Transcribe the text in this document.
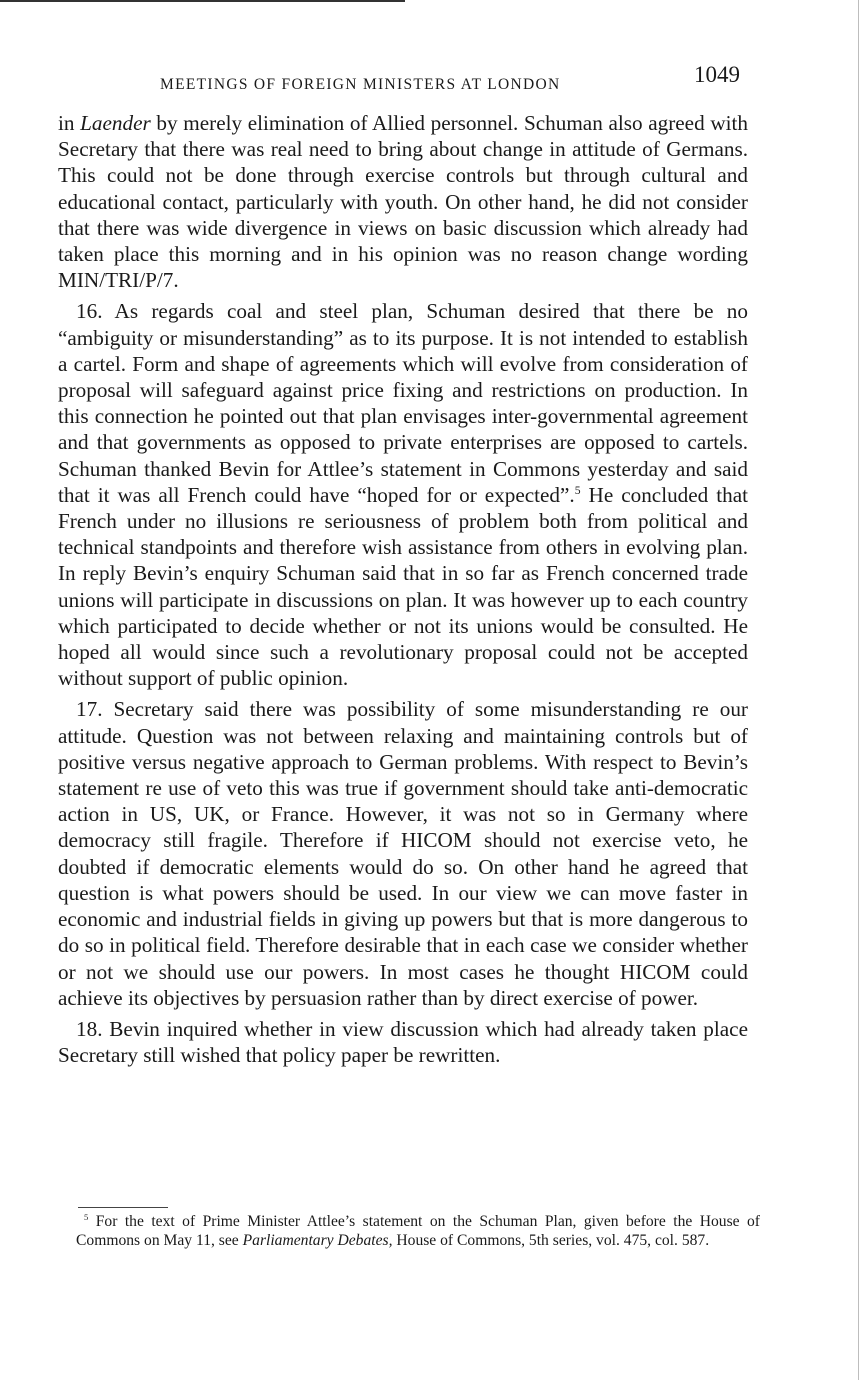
MEETINGS OF FOREIGN MINISTERS AT LONDON	1049

in Laender by merely elimination of Allied personnel. Schuman also agreed with Secretary that there was real need to bring about change in attitude of Germans. This could not be done through exercise controls but through cultural and educational contact, particularly with youth. On other hand, he did not consider that there was wide divergence in views on basic discussion which already had taken place this morning and in his opinion was no reason change wording MIN/TRI/P/7.

16. As regards coal and steel plan, Schuman desired that there be no “ambiguity or misunderstanding” as to its purpose. It is not intended to establish a cartel. Form and shape of agreements which will evolve from consideration of proposal will safeguard against price fixing and restrictions on production. In this connection he pointed out that plan envisages inter-governmental agreement and that governments as opposed to private enterprises are opposed to cartels. Schuman thanked Bevin for Attlee’s statement in Commons yesterday and said that it was all French could have “hoped for or expected”.$^5$ He concluded that French under no illusions re seriousness of problem both from political and technical standpoints and therefore wish assistance from others in evolving plan. In reply Bevin’s enquiry Schuman said that in so far as French concerned trade unions will participate in discussions on plan. It was however up to each country which participated to decide whether or not its unions would be consulted. He hoped all would since such a revolutionary proposal could not be accepted without support of public opinion.

17. Secretary said there was possibility of some misunderstanding re our attitude. Question was not between relaxing and maintaining controls but of positive versus negative approach to German problems. With respect to Bevin’s statement re use of veto this was true if government should take anti-democratic action in US, UK, or France. However, it was not so in Germany where democracy still fragile. Therefore if HICOM should not exercise veto, he doubted if democratic elements would do so. On other hand he agreed that question is what powers should be used. In our view we can move faster in economic and industrial fields in giving up powers but that is more dangerous to do so in political field. Therefore desirable that in each case we consider whether or not we should use our powers. In most cases he thought HICOM could achieve its objectives by persuasion rather than by direct exercise of power.

18. Bevin inquired whether in view discussion which had already taken place Secretary still wished that policy paper be rewritten.

$^5$ For the text of Prime Minister Attlee’s statement on the Schuman Plan, given before the House of Commons on May 11, see Parliamentary Debates, House of Commons, 5th series, vol. 475, col. 587.
